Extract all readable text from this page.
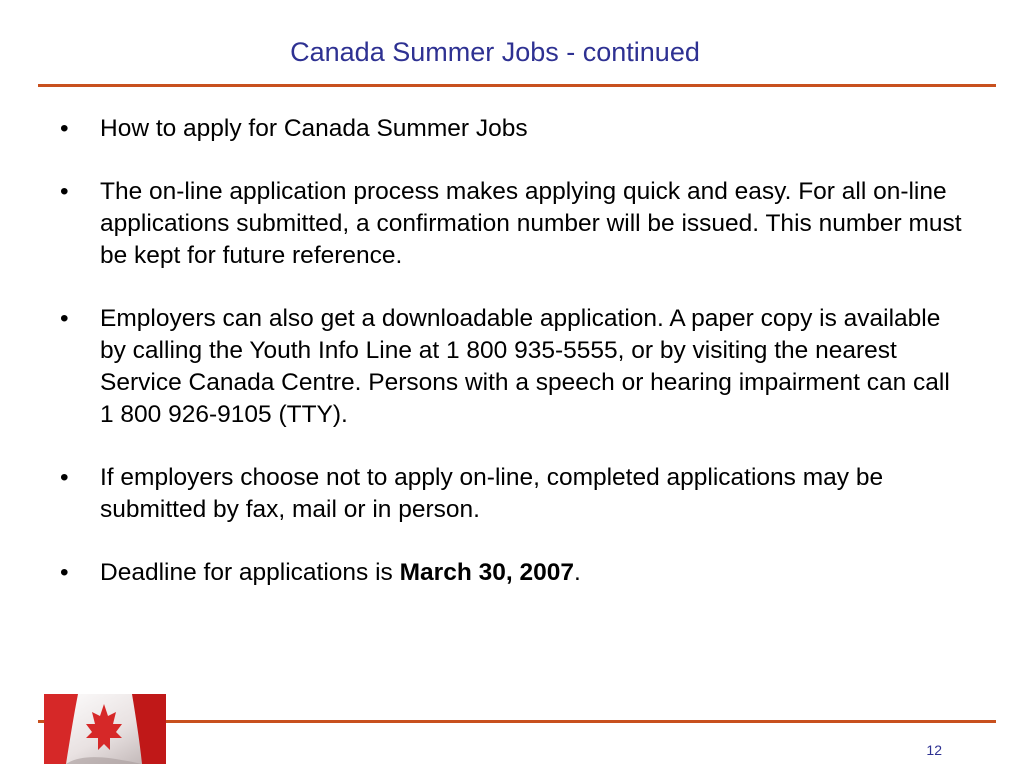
Canada Summer Jobs - continued
•	How to apply for Canada Summer Jobs
•	The on-line application process makes applying quick and easy. For all on-line applications submitted, a confirmation number will be issued. This number must be kept for future reference.
•	Employers can also get a downloadable application. A paper copy is available by calling the Youth Info Line at 1 800 935-5555, or by visiting the nearest Service Canada Centre. Persons with a speech or hearing impairment can call 1 800 926-9105 (TTY).
•	If employers choose not to apply on-line, completed applications may be submitted by fax, mail or in person.
•	Deadline for applications is March 30, 2007.
12
